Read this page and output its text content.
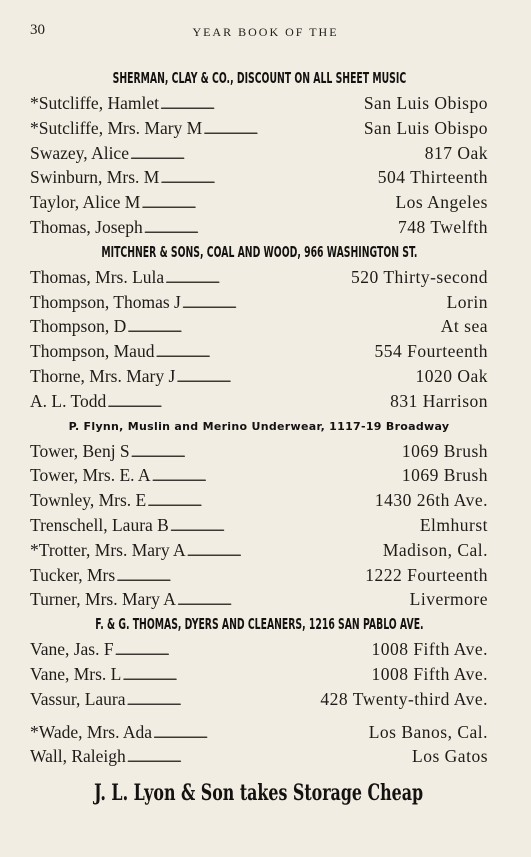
30	YEAR BOOK OF THE
SHERMAN, CLAY & CO., DISCOUNT ON ALL SHEET MUSIC
*Sutcliffe, Hamlet . . .	San Luis Obispo
*Sutcliffe, Mrs. Mary M . . .	San Luis Obispo
Swazey, Alice . . .	817 Oak
Swinburn, Mrs. M . . .	504 Thirteenth
Taylor, Alice M . . .	Los Angeles
Thomas, Joseph . . .	748 Twelfth
MITCHNER & SONS, COAL AND WOOD, 966 WASHINGTON ST.
Thomas, Mrs. Lula . . .	520 Thirty-second
Thompson, Thomas J . . .	Lorin
Thompson, D . . .	At sea
Thompson, Maud . . .	554 Fourteenth
Thorne, Mrs. Mary J . . .	1020 Oak
A. L. Todd . . .	831 Harrison
P. Flynn, Muslin and Merino Underwear, 1117-19 Broadway
Tower, Benj S . . .	1069 Brush
Tower, Mrs. E. A . . .	1069 Brush
Townley, Mrs. E . . .	1430 26th Ave.
Trenschell, Laura B . . .	Elmhurst
*Trotter, Mrs. Mary A . . .	Madison, Cal.
Tucker, Mrs . . .	1222 Fourteenth
Turner, Mrs. Mary A . . .	Livermore
F. & G. THOMAS, DYERS AND CLEANERS, 1216 SAN PABLO AVE.
Vane, Jas. F . . .	1008 Fifth Ave.
Vane, Mrs. L . . .	1008 Fifth Ave.
Vassur, Laura . . .	428 Twenty-third Ave.
*Wade, Mrs. Ada . . .	Los Banos, Cal.
Wall, Raleigh . . .	Los Gatos
J. L. Lyon & Son takes Storage Cheap
